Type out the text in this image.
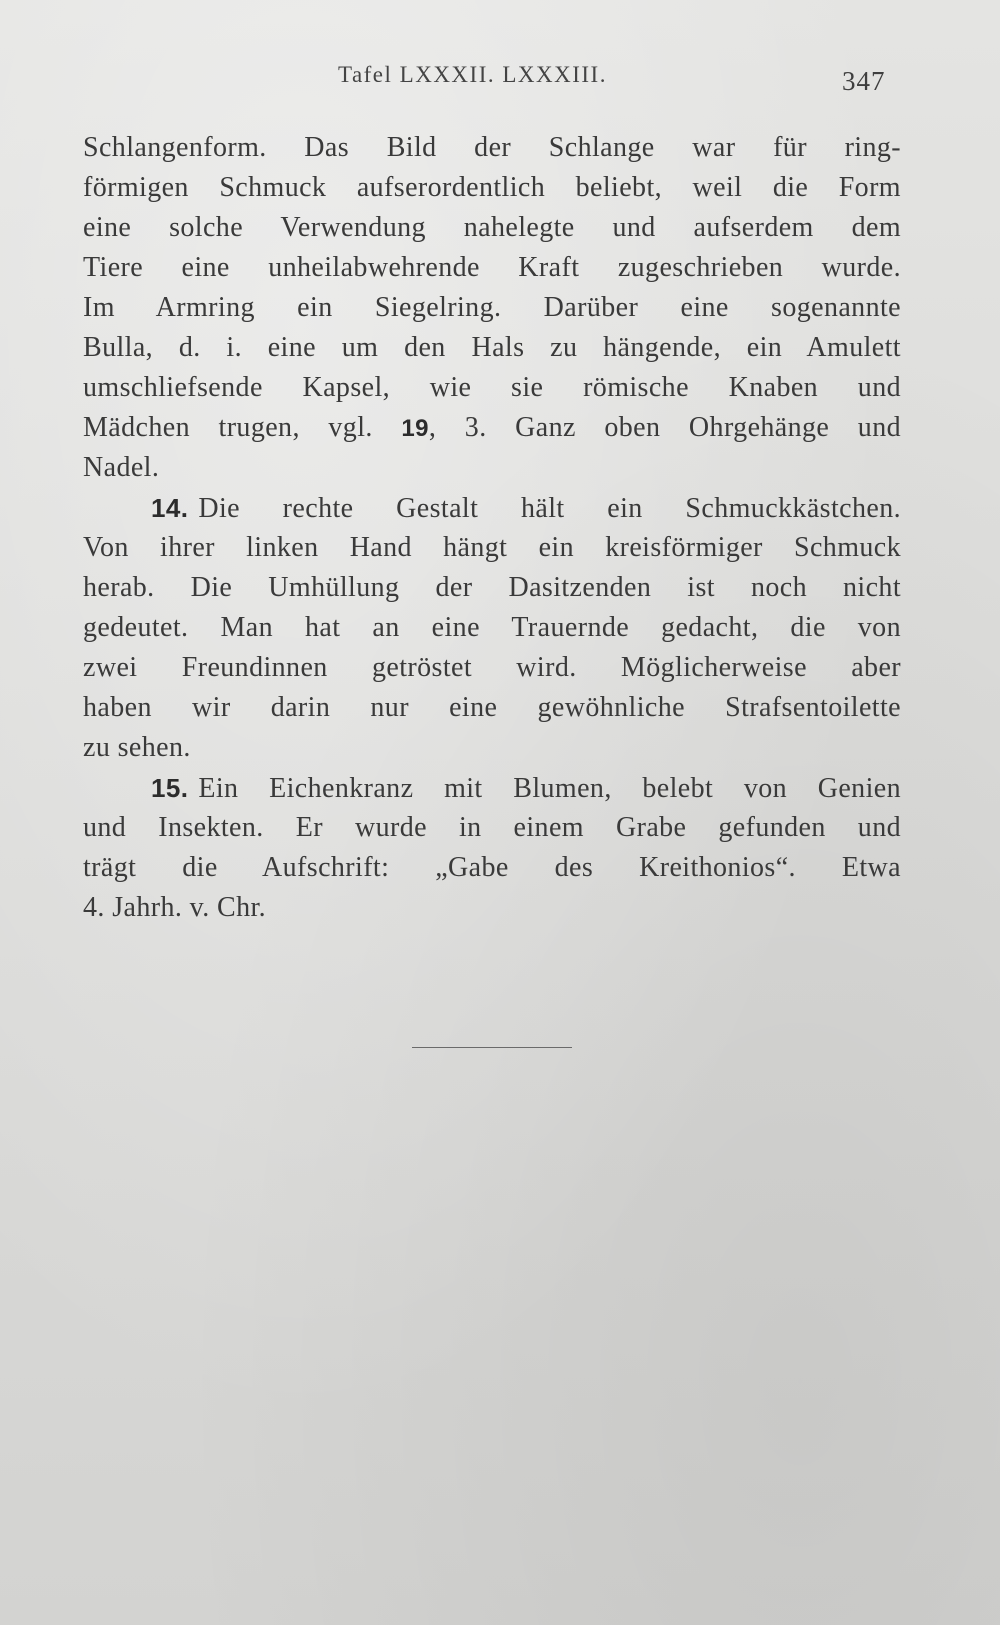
Tafel LXXXII. LXXXIII.	347
Schlangenform. Das Bild der Schlange war für ring-
förmigen Schmuck aufserordentlich beliebt, weil die Form
eine solche Verwendung nahelegte und aufserdem dem
Tiere eine unheilabwehrende Kraft zugeschrieben wurde.
Im Armring ein Siegelring. Darüber eine sogenannte
Bulla, d. i. eine um den Hals zu hängende, ein Amulett
umschliefsende Kapsel, wie sie römische Knaben und
Mädchen trugen, vgl. 19, 3. Ganz oben Ohrgehänge und
Nadel.
14. Die rechte Gestalt hält ein Schmuckkästchen.
Von ihrer linken Hand hängt ein kreisförmiger Schmuck
herab. Die Umhüllung der Dasitzenden ist noch nicht
gedeutet. Man hat an eine Trauernde gedacht, die von
zwei Freundinnen getröstet wird. Möglicherweise aber
haben wir darin nur eine gewöhnliche Strafsentoilette
zu sehen.
15. Ein Eichenkranz mit Blumen, belebt von Genien
und Insekten. Er wurde in einem Grabe gefunden und
trägt die Aufschrift: „Gabe des Kreithonios“. Etwa
4. Jahrh. v. Chr.
